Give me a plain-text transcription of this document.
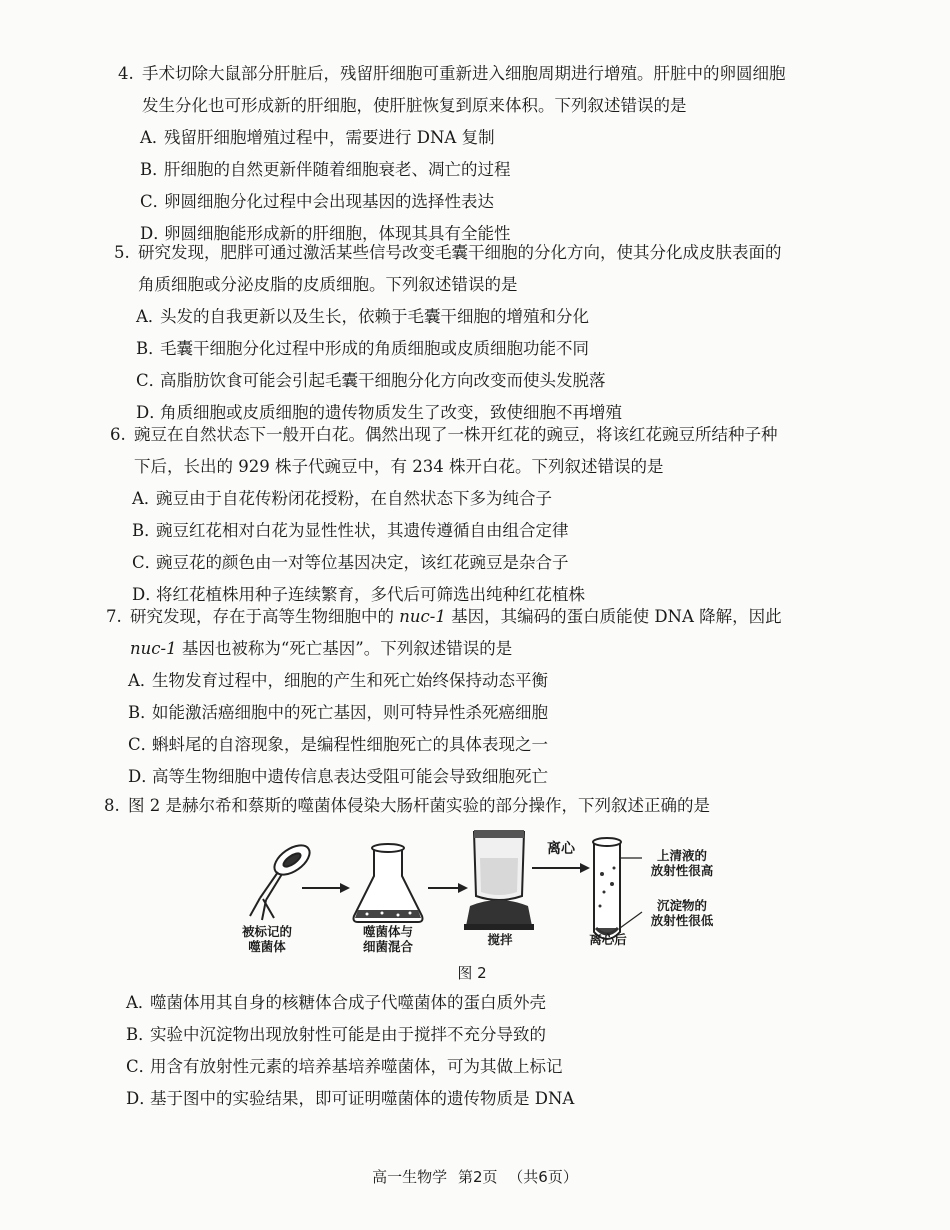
4. 手术切除大鼠部分肝脏后，残留肝细胞可重新进入细胞周期进行增殖。肝脏中的卵圆细胞
发生分化也可形成新的肝细胞，使肝脏恢复到原来体积。下列叙述错误的是
A．残留肝细胞增殖过程中，需要进行 DNA 复制
B．肝细胞的自然更新伴随着细胞衰老、凋亡的过程
C．卵圆细胞分化过程中会出现基因的选择性表达
D．卵圆细胞能形成新的肝细胞，体现其具有全能性
5. 研究发现，肥胖可通过激活某些信号改变毛囊干细胞的分化方向，使其分化成皮肤表面的
角质细胞或分泌皮脂的皮质细胞。下列叙述错误的是
A．头发的自我更新以及生长，依赖于毛囊干细胞的增殖和分化
B．毛囊干细胞分化过程中形成的角质细胞或皮质细胞功能不同
C．高脂肪饮食可能会引起毛囊干细胞分化方向改变而使头发脱落
D．角质细胞或皮质细胞的遗传物质发生了改变，致使细胞不再增殖
6. 豌豆在自然状态下一般开白花。偶然出现了一株开红花的豌豆，将该红花豌豆所结种子种
下后，长出的 929 株子代豌豆中，有 234 株开白花。下列叙述错误的是
A．豌豆由于自花传粉闭花授粉，在自然状态下多为纯合子
B．豌豆红花相对白花为显性性状，其遗传遵循自由组合定律
C．豌豆花的颜色由一对等位基因决定，该红花豌豆是杂合子
D．将红花植株用种子连续繁育，多代后可筛选出纯种红花植株
7. 研究发现，存在于高等生物细胞中的 nuc-1 基因，其编码的蛋白质能使 DNA 降解，因此
nuc-1 基因也被称为“死亡基因”。下列叙述错误的是
A．生物发育过程中，细胞的产生和死亡始终保持动态平衡
B．如能激活癌细胞中的死亡基因，则可特异性杀死癌细胞
C．蝌蚪尾的自溶现象，是编程性细胞死亡的具体表现之一
D．高等生物细胞中遗传信息表达受阻可能会导致细胞死亡
8. 图 2 是赫尔希和蔡斯的噬菌体侵染大肠杆菌实验的部分操作，下列叙述正确的是
被标记的
噬菌体
噬菌体与
细菌混合	搅拌
离心
离心后
上清液的
放射性很高
沉淀物的
放射性很低
图 2
A．噬菌体用其自身的核糖体合成子代噬菌体的蛋白质外壳
B．实验中沉淀物出现放射性可能是由于搅拌不充分导致的
C．用含有放射性元素的培养基培养噬菌体，可为其做上标记
D．基于图中的实验结果，即可证明噬菌体的遗传物质是 DNA
高一生物学 第2页 （共6页）
